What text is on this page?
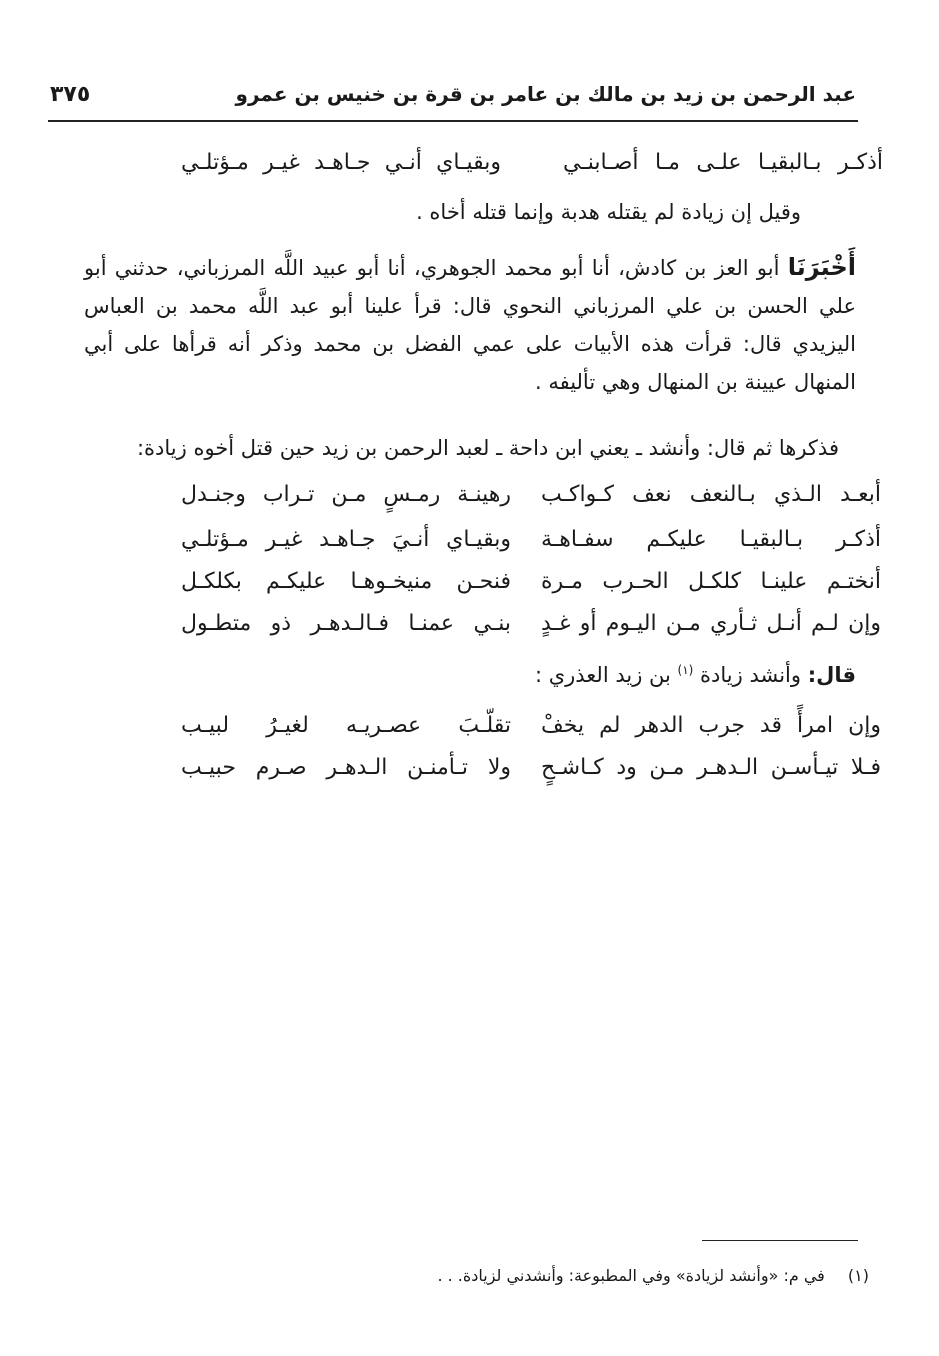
عبد الرحمن بن زيد بن مالك بن عامر بن قرة بن خنيس بن عمرو
٣٧٥
أذكـر بـالبقيـا علـى مـا أصـابنـي
وبقيـاي أنـي جـاهـد غيـر مـؤتلـي
وقيل إن زيادة لم يقتله هدبة وإنما قتله أخاه .
أَخْبَرَنَا أبو العز بن كادش، أنا أبو محمد الجوهري، أنا أبو عبيد اللَّه المرزباني، حدثني أبو علي الحسن بن علي المرزباني النحوي قال: قرأ علينا أبو عبد اللَّه محمد بن العباس اليزيدي قال: قرأت هذه الأبيات على عمي الفضل بن محمد وذكر أنه قرأها على أبي المنهال عيينة بن المنهال وهي تأليفه .
فذكرها ثم قال: وأنشد ـ يعني ابن داحة ـ لعبد الرحمن بن زيد حين قتل أخوه زيادة:
أبعـد الـذي بـالنعف نعف كـواكـب
رهينـة رمـسٍ مـن تـراب وجنـدل
أذكـر بـالبقيـا عليكـم سفـاهـة
وبقيـاي أنـيَ جـاهـد غيـر مـؤتلـي
أنختـم علينـا كلكـل الحـرب مـرة
فنحـن منيخـوهـا عليكـم بكلكـل
وإن لـم أنـل ثـأري مـن اليـوم أو غـدٍ
بنـي عمنـا فـالـدهـر ذو متطـول
قال: وأنشد زيادة $^{(١)}$ بن زيد العذري :
وإن امرأً قد جرب الدهر لم يخفْ
تقلّـبَ عصـريـه لغيـرُ لبيـب
فـلا تيـأسـن الـدهـر مـن ود كـاشـحٍ
ولا تـأمنـن الـدهـر صـرم حبيـب
(١) في م: «وأنشد لزيادة» وفي المطبوعة: وأنشدني لزيادة. . .
